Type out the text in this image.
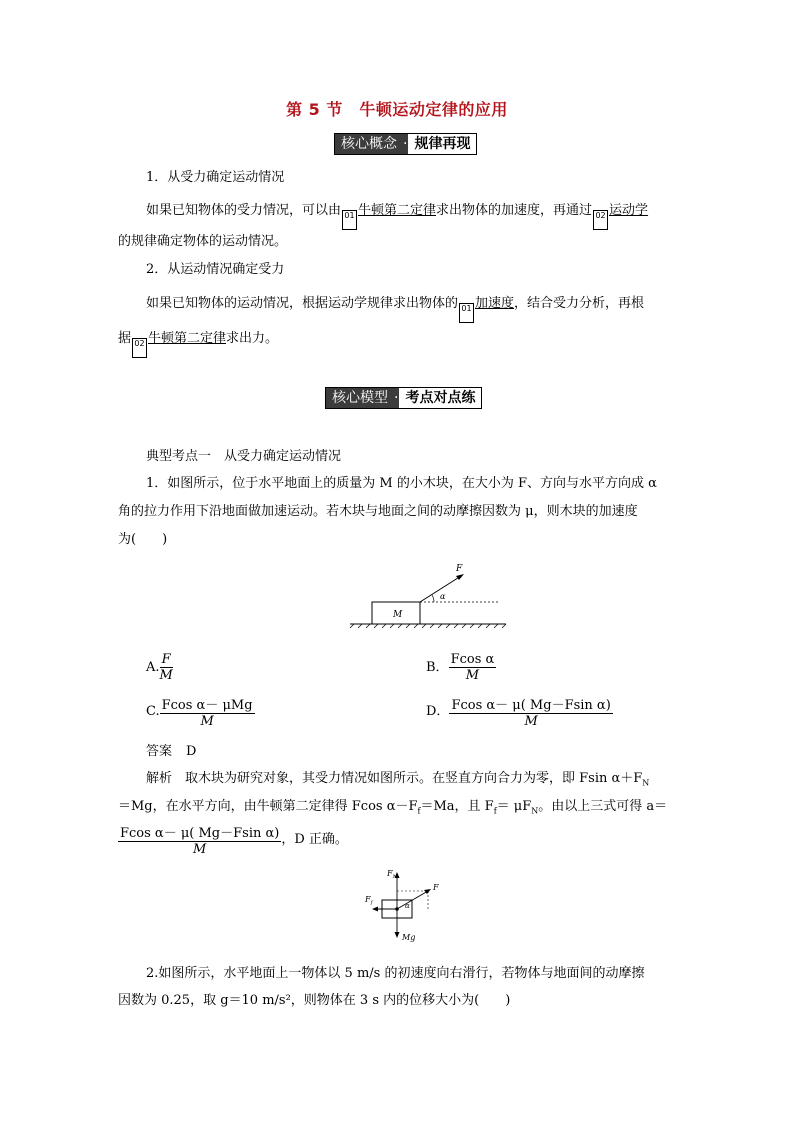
第 5 节　牛顿运动定律的应用
核心概念 · 规律再现
1．从受力确定运动情况
如果已知物体的受力情况，可以由 01 牛顿第二定律求出物体的加速度，再通过 02 运动学
的规律确定物体的运动情况。
2．从运动情况确定受力
如果已知物体的运动情况，根据运动学规律求出物体的 01 加速度，结合受力分析，再根
据 02 牛顿第二定律求出力。
核心模型 · 考点对点练
典型考点一　从受力确定运动情况
1．如图所示，位于水平地面上的质量为 M 的小木块，在大小为 F、方向与水平方向成 α
角的拉力作用下沿地面做加速运动。若木块与地面之间的动摩擦因数为 μ，则木块的加速度
为(　　)
M
F
α
A. $\frac{F}{M}$	B． $\frac{\text{Fcos α}}{M}$
C. $\frac{\text{Fcos α－ μMg}}{M}$	D． $\frac{\text{Fcos α－ μ( Mg－Fsin α)}}{M}$
答案 D
解析　取木块为研究对象，其受力情况如图所示。在竖直方向合力为零，即 Fsin $\alpha+F_N$
＝Mg，在水平方向，由牛顿第二定律得 Fcos $\alpha-F_f=Ma$，且 $F_f= \mu F_N$。由以上三式可得 a＝
$\frac{\text{Fcos α－ μ( Mg－Fsin α)}}{M}$ ，D 正确。
$F_N$
Mg
$F_f$
F
α
2.如图所示，水平地面上一物体以 5 m/s 的初速度向右滑行，若物体与地面间的动摩擦
因数为 0.25，取 g＝10 m/s²，则物体在 3 s 内的位移大小为(　　)
